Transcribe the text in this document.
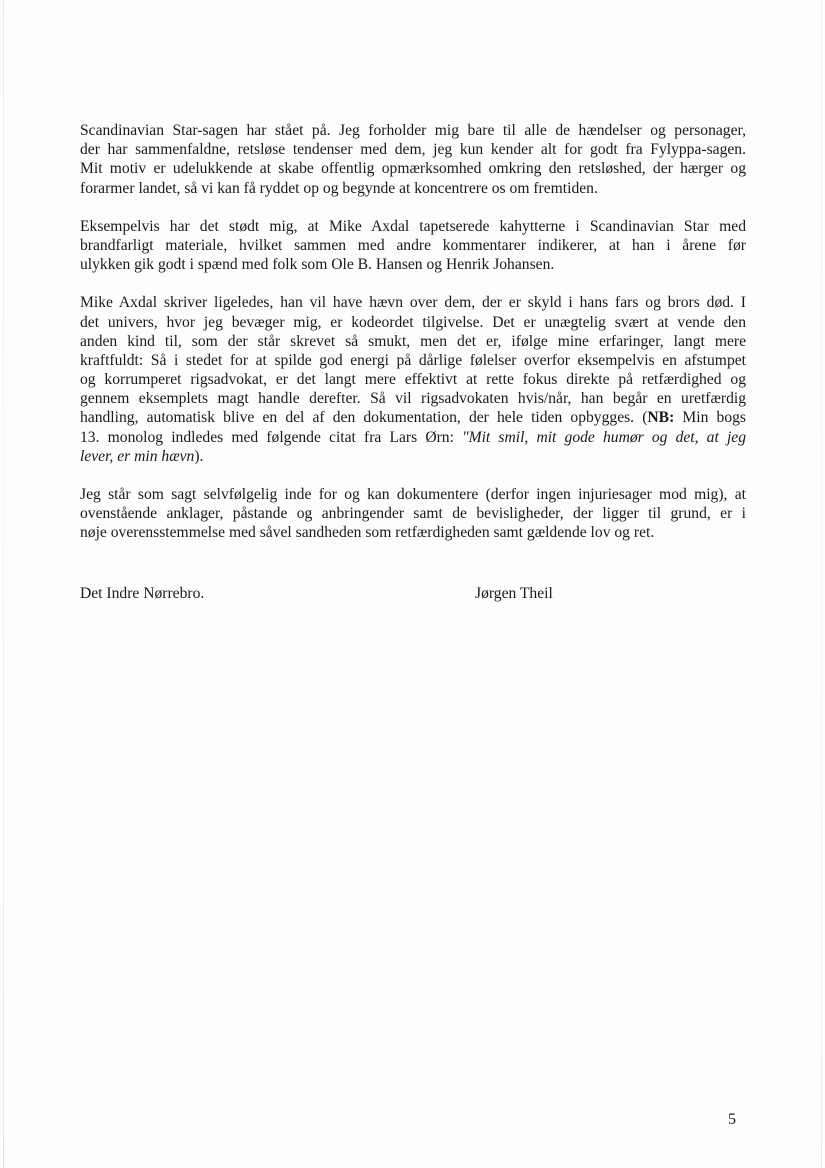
Scandinavian Star-sagen har stået på. Jeg forholder mig bare til alle de hændelser og personager,
der har sammenfaldne, retsløse tendenser med dem, jeg kun kender alt for godt fra Fylyppa-sagen.
Mit motiv er udelukkende at skabe offentlig opmærksomhed omkring den retsløshed, der hærger og
forarmer landet, så vi kan få ryddet op og begynde at koncentrere os om fremtiden.

Eksempelvis har det stødt mig, at Mike Axdal tapetserede kahytterne i Scandinavian Star med
brandfarligt materiale, hvilket sammen med andre kommentarer indikerer, at han i årene før
ulykken gik godt i spænd med folk som Ole B. Hansen og Henrik Johansen.

Mike Axdal skriver ligeledes, han vil have hævn over dem, der er skyld i hans fars og brors død. I
det univers, hvor jeg bevæger mig, er kodeordet tilgivelse. Det er unægtelig svært at vende den
anden kind til, som der står skrevet så smukt, men det er, ifølge mine erfaringer, langt mere
kraftfuldt: Så i stedet for at spilde god energi på dårlige følelser overfor eksempelvis en afstumpet
og korrumperet rigsadvokat, er det langt mere effektivt at rette fokus direkte på retfærdighed og
gennem eksemplets magt handle derefter. Så vil rigsadvokaten hvis/når, han begår en uretfærdig
handling, automatisk blive en del af den dokumentation, der hele tiden opbygges. (NB: Min bogs
13. monolog indledes med følgende citat fra Lars Ørn: "Mit smil, mit gode humør og det, at jeg
lever, er min hævn).

Jeg står som sagt selvfølgelig inde for og kan dokumentere (derfor ingen injuriesager mod mig), at
ovenstående anklager, påstande og anbringender samt de bevisligheder, der ligger til grund, er i
nøje overensstemmelse med såvel sandheden som retfærdigheden samt gældende lov og ret.

Det Indre Nørrebro.	Jørgen Theil
5
